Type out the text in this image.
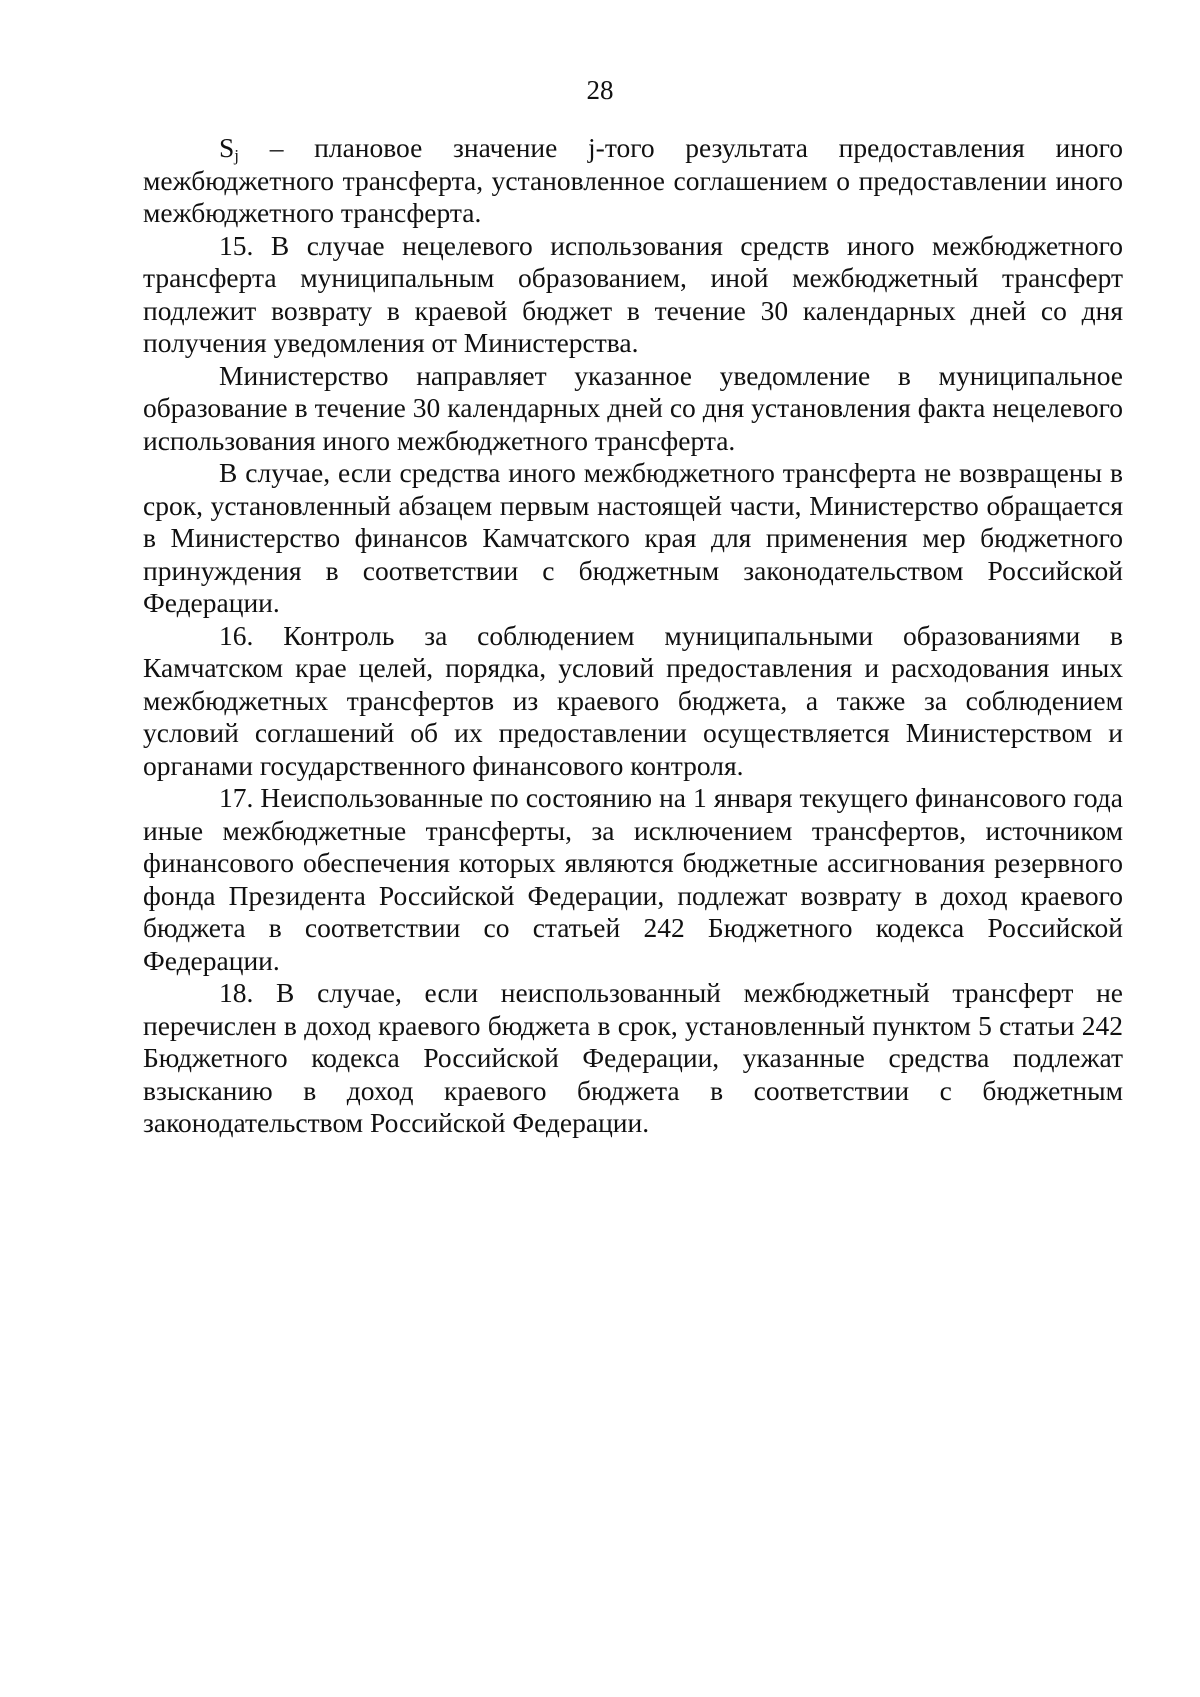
28

$S_j$ – плановое значение j-того результата предоставления иного межбюджетного трансферта, установленное соглашением о предоставлении иного межбюджетного трансферта.

15. В случае нецелевого использования средств иного межбюджетного трансферта муниципальным образованием, иной межбюджетный трансферт подлежит возврату в краевой бюджет в течение 30 календарных дней со дня получения уведомления от Министерства.

Министерство направляет указанное уведомление в муниципальное образование в течение 30 календарных дней со дня установления факта нецелевого использования иного межбюджетного трансферта.

В случае, если средства иного межбюджетного трансферта не возвращены в срок, установленный абзацем первым настоящей части, Министерство обращается в Министерство финансов Камчатского края для применения мер бюджетного принуждения в соответствии с бюджетным законодательством Российской Федерации.

16. Контроль за соблюдением муниципальными образованиями в Камчатском крае целей, порядка, условий предоставления и расходования иных межбюджетных трансфертов из краевого бюджета, а также за соблюдением условий соглашений об их предоставлении осуществляется Министерством и органами государственного финансового контроля.

17. Неиспользованные по состоянию на 1 января текущего финансового года иные межбюджетные трансферты, за исключением трансфертов, источником финансового обеспечения которых являются бюджетные ассигнования резервного фонда Президента Российской Федерации, подлежат возврату в доход краевого бюджета в соответствии со статьей 242 Бюджетного кодекса Российской Федерации.

18. В случае, если неиспользованный межбюджетный трансферт не перечислен в доход краевого бюджета в срок, установленный пунктом 5 статьи 242 Бюджетного кодекса Российской Федерации, указанные средства подлежат взысканию в доход краевого бюджета в соответствии с бюджетным законодательством Российской Федерации.
